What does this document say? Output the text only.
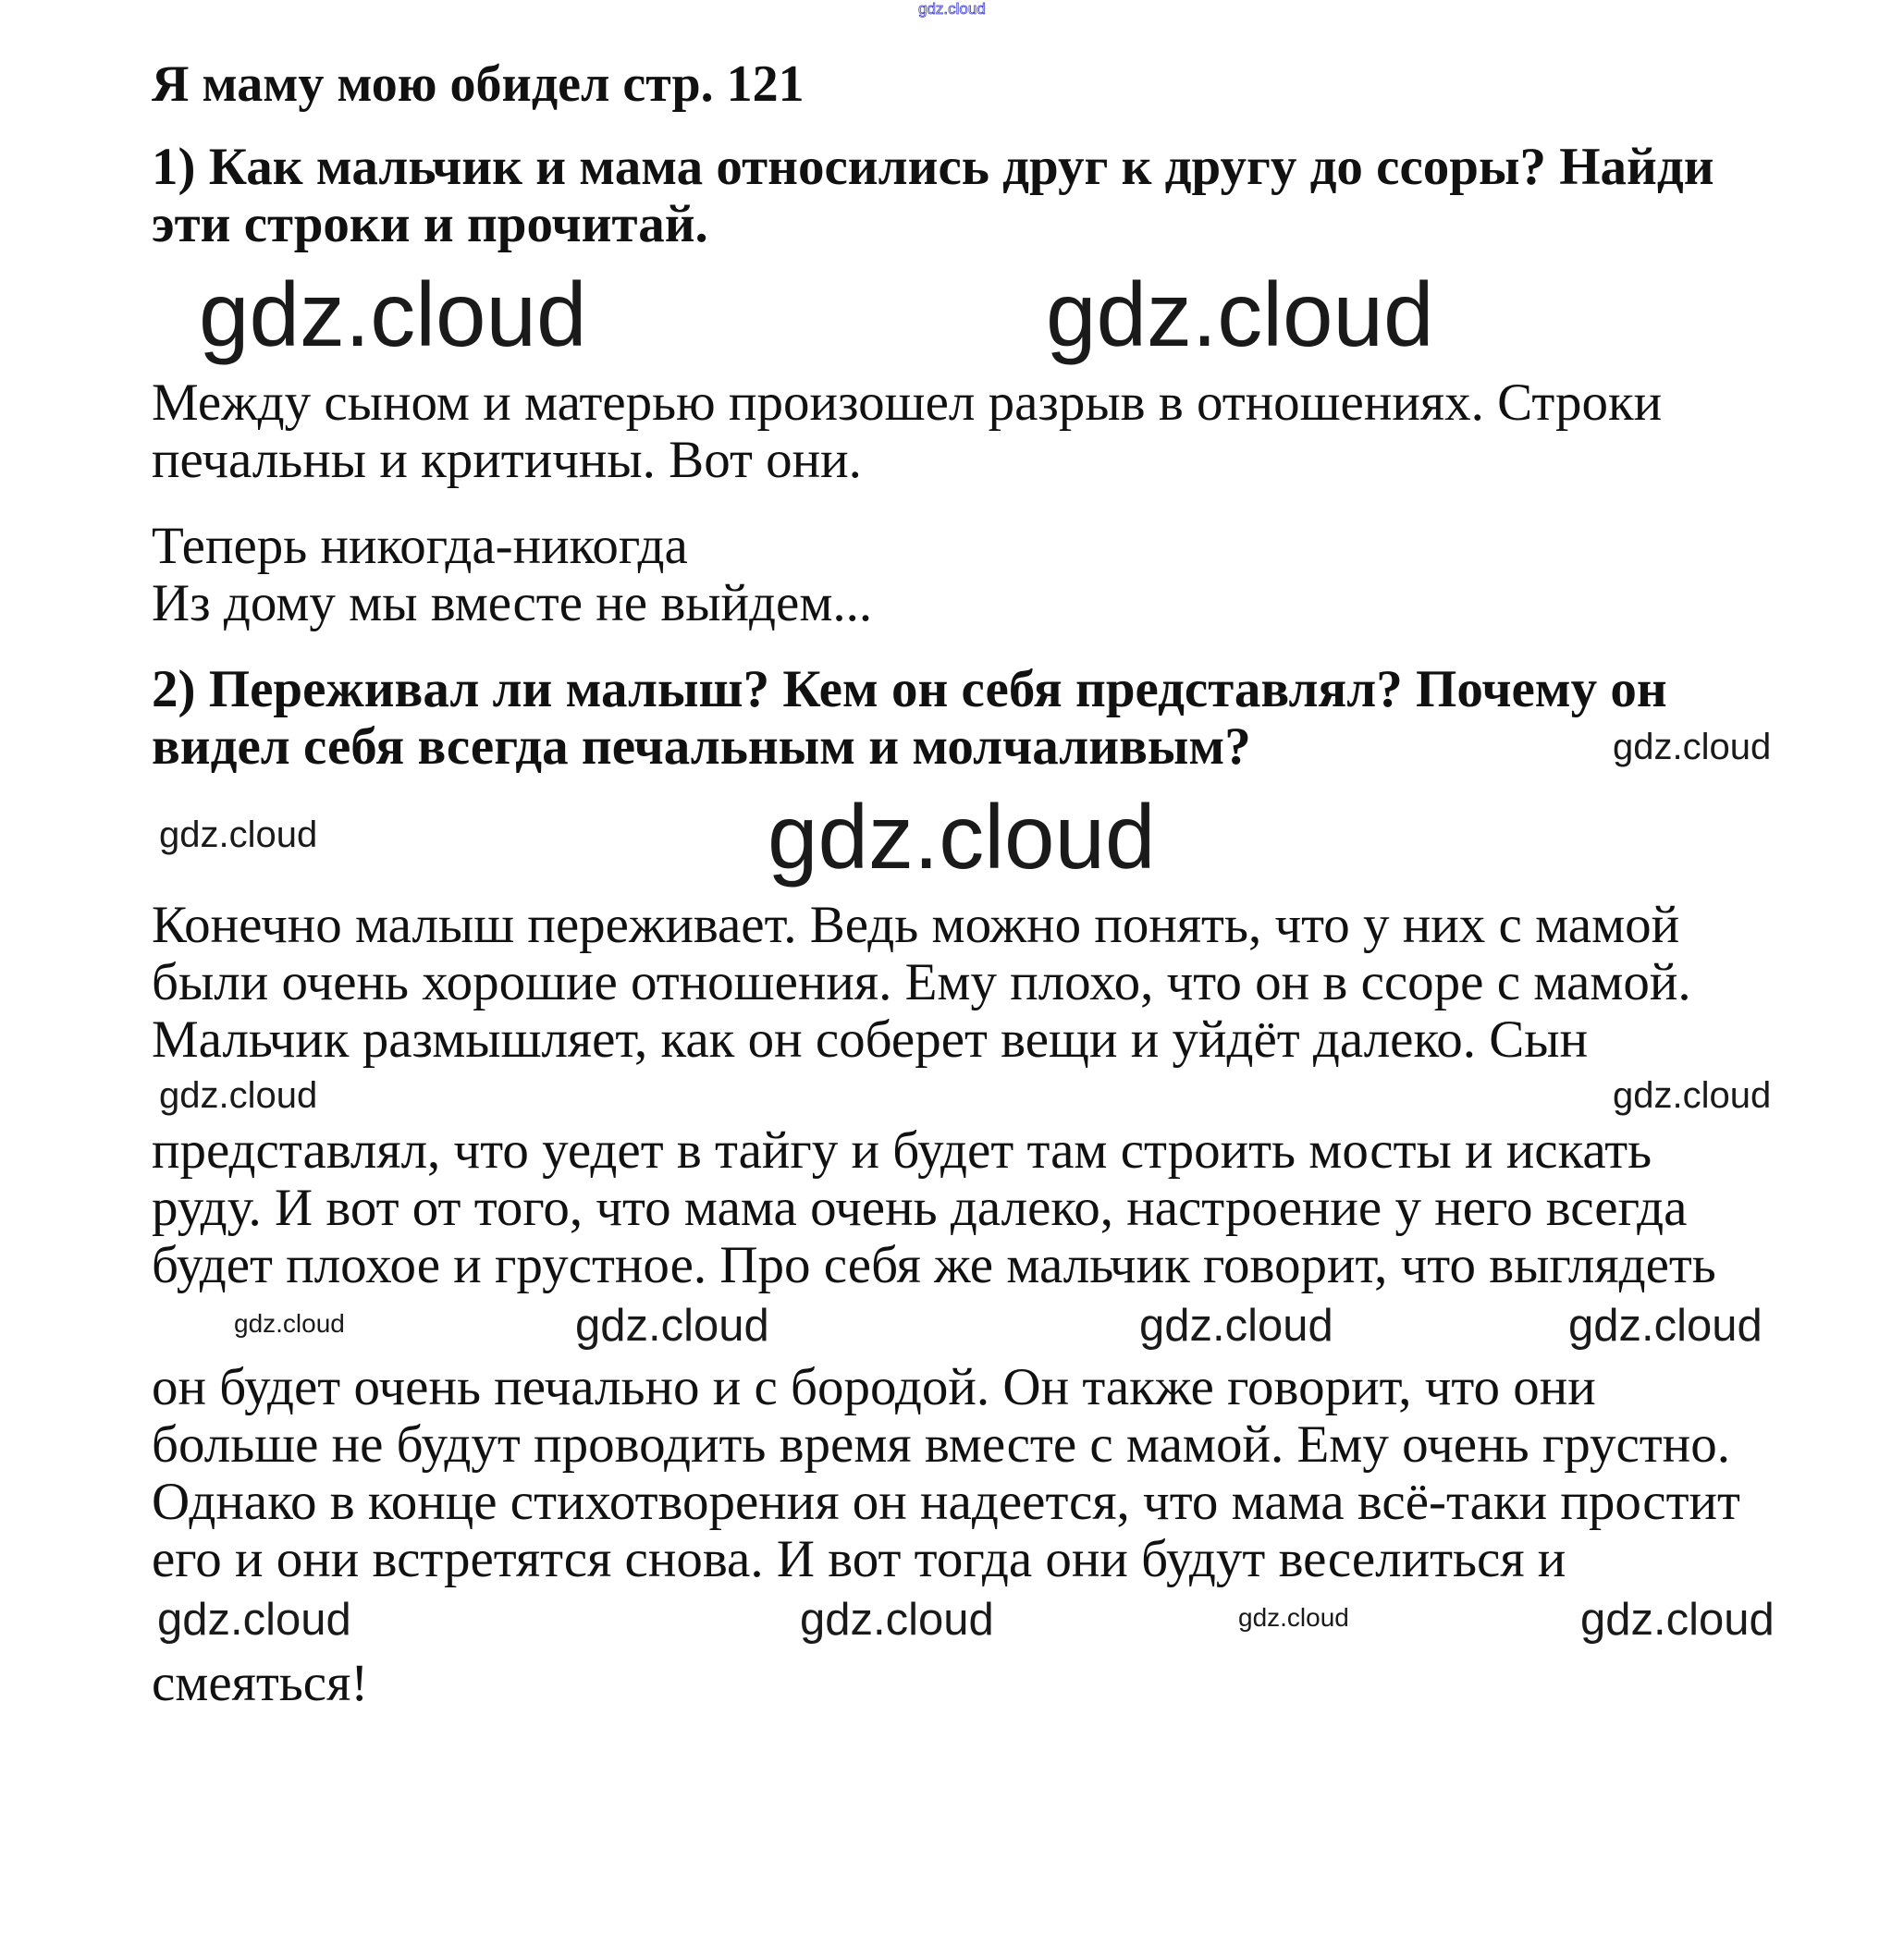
gdz.cloud
Я маму мою обидел стр. 121
1) Как мальчик и мама относились друг к другу до ссоры? Найди
эти строки и прочитай.
gdz.cloud	gdz.cloud
Между сыном и матерью произошел разрыв в отношениях. Строки
печальны и критичны. Вот они.
Теперь никогда-никогда
Из дому мы вместе не выйдем...
2) Переживал ли малыш? Кем он себя представлял? Почему он
видел себя всегда печальным и молчаливым?	gdz.cloud
gdz.cloud	gdz.cloud
Конечно малыш переживает. Ведь можно понять, что у них с мамой
были очень хорошие отношения. Ему плохо, что он в ссоре с мамой.
Мальчик размышляет, как он соберет вещи и уйдёт далеко. Сын
gdz.cloud
gdz.cloud
представлял, что уедет в тайгу и будет там строить мосты и искать
руду. И вот от того, что мама очень далеко, настроение у него всегда
будет плохое и грустное. Про себя же мальчик говорит, что выглядеть
gdz.cloud	gdz.cloud	gdz.cloud	gdz.cloud
он будет очень печально и с бородой. Он также говорит, что они
больше не будут проводить время вместе с мамой. Ему очень грустно.
Однако в конце стихотворения он надеется, что мама всё-таки простит
его и они встретятся снова. И вот тогда они будут веселиться и
gdz.cloud	gdz.cloud	gdz.cloud	gdz.cloud
смеяться!
